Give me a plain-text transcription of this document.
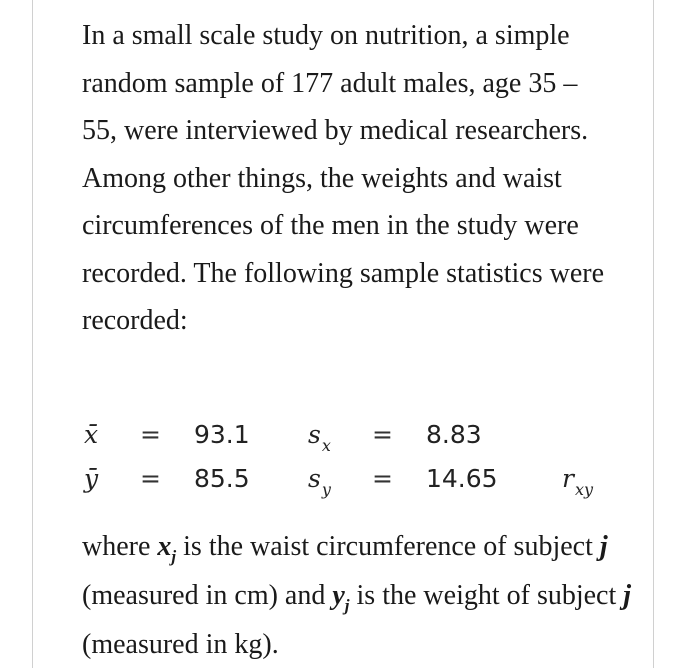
In a small scale study on nutrition, a simple random sample of 177 adult males, age 35 – 55, were interviewed by medical researchers. Among other things, the weights and waist circumferences of the men in the study were recorded. The following sample statistics were recorded:

x̄ = 93.1 $s_x = 8.83$
ȳ = 85.5 $s_y = 14.65$	$r_{xy}$

where $x_j$ is the waist circumference of subject j (measured in cm) and $y_j$ is the weight of subject j (measured in kg).
